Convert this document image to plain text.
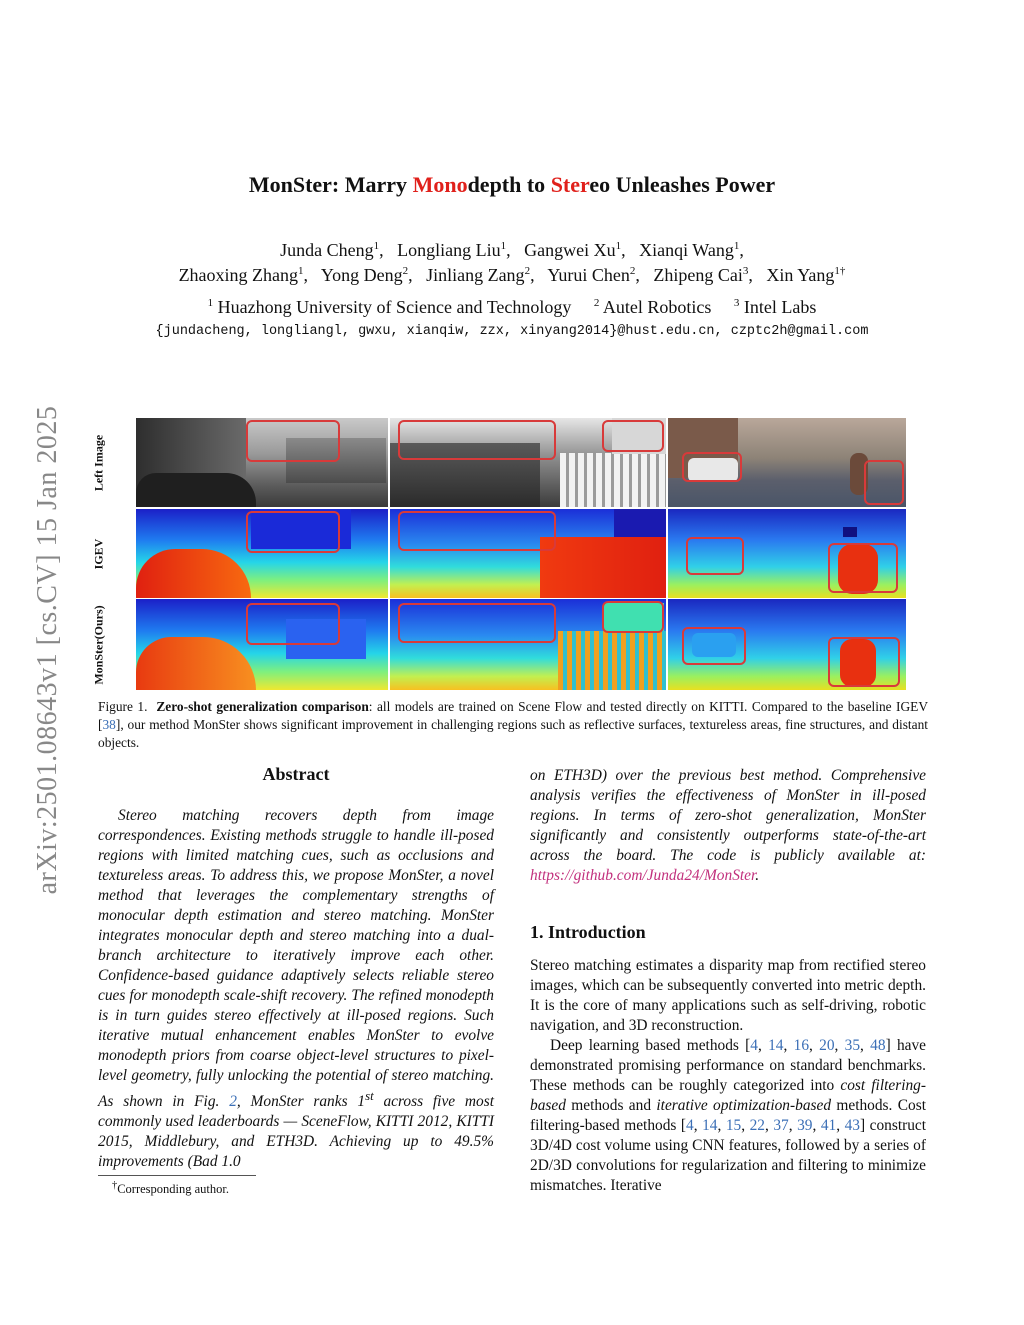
arXiv:2501.08643v1 [cs.CV] 15 Jan 2025
MonSter: Marry Monodepth to Stereo Unleashes Power
Junda Cheng$^1$,   Longliang Liu$^1$,   Gangwei Xu$^1$,   Xianqi Wang$^1$,
Zhaoxing Zhang$^1$,   Yong Deng$^2$,   Jinliang Zang$^2$,   Yurui Chen$^2$,   Zhipeng Cai$^3$,   Xin Yang$^{1\dagger}$
$^1$ Huazhong University of Science and Technology $^2$ Autel Robotics $^3$ Intel Labs
{jundacheng, longliangl, gwxu, xianqiw, zzx, xinyang2014}@hust.edu.cn, czptc2h@gmail.com
Left Image
IGEV
MonSter(Ours)
Figure 1. Zero-shot generalization comparison: all models are trained on Scene Flow and tested directly on KITTI. Compared to the baseline IGEV [38], our method MonSter shows significant improvement in challenging regions such as reflective surfaces, textureless areas, fine structures, and distant objects.
Abstract
Stereo matching recovers depth from image correspondences. Existing methods struggle to handle ill-posed regions with limited matching cues, such as occlusions and textureless areas. To address this, we propose MonSter, a novel method that leverages the complementary strengths of monocular depth estimation and stereo matching. MonSter integrates monocular depth and stereo matching into a dual-branch architecture to iteratively improve each other. Confidence-based guidance adaptively selects reliable stereo cues for monodepth scale-shift recovery. The refined monodepth is in turn guides stereo effectively at ill-posed regions. Such iterative mutual enhancement enables MonSter to evolve monodepth priors from coarse object-level structures to pixel-level geometry, fully unlocking the potential of stereo matching. As shown in Fig. 2, MonSter ranks 1st across five most commonly used leaderboards — SceneFlow, KITTI 2012, KITTI 2015, Middlebury, and ETH3D. Achieving up to 49.5% improvements (Bad 1.0
†Corresponding author.
on ETH3D) over the previous best method. Comprehensive analysis verifies the effectiveness of MonSter in ill-posed regions. In terms of zero-shot generalization, MonSter significantly and consistently outperforms state-of-the-art across the board. The code is publicly available at: https://github.com/Junda24/MonSter.
1. Introduction

Stereo matching estimates a disparity map from rectified stereo images, which can be subsequently converted into metric depth. It is the core of many applications such as self-driving, robotic navigation, and 3D reconstruction.

Deep learning based methods [4, 14, 16, 20, 35, 48] have demonstrated promising performance on standard benchmarks. These methods can be roughly categorized into cost filtering-based methods and iterative optimization-based methods. Cost filtering-based methods [4, 14, 15, 22, 37, 39, 41, 43] construct 3D/4D cost volume using CNN features, followed by a series of 2D/3D convolutions for regularization and filtering to minimize mismatches. Iterative
